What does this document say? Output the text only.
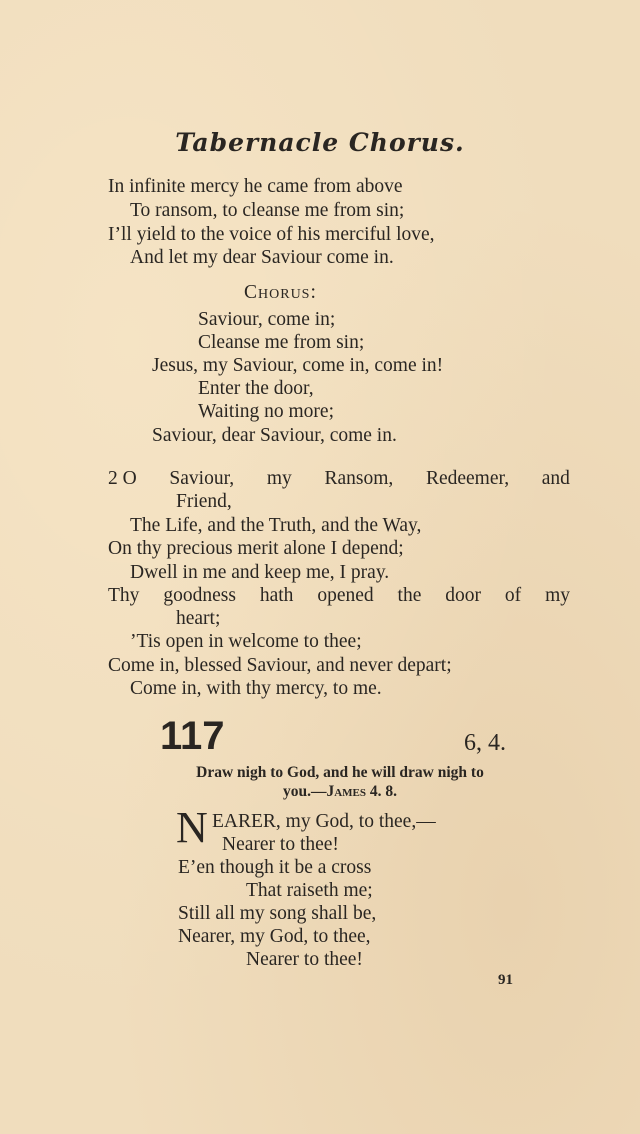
Tabernacle Chorus.
In infinite mercy he came from above
To ransom, to cleanse me from sin;
I’ll yield to the voice of his merciful love,
And let my dear Saviour come in.
Chorus:
Saviour, come in;
Cleanse me from sin;
Jesus, my Saviour, come in, come in!
Enter the door,
Waiting no more;
Saviour, dear Saviour, come in.
2 O Saviour, my Ransom, Redeemer, and
Friend,
The Life, and the Truth, and the Way,
On thy precious merit alone I depend;
Dwell in me and keep me, I pray.
Thy goodness hath opened the door of my
heart;
’Tis open in welcome to thee;
Come in, blessed Saviour, and never depart;
Come in, with thy mercy, to me.
117	6, 4.
Draw nigh to God, and he will draw nigh to
you.—James 4. 8.
N EARER, my God, to thee,—
Nearer to thee!
E’en though it be a cross
That raiseth me;
Still all my song shall be,
Nearer, my God, to thee,
Nearer to thee!
91
